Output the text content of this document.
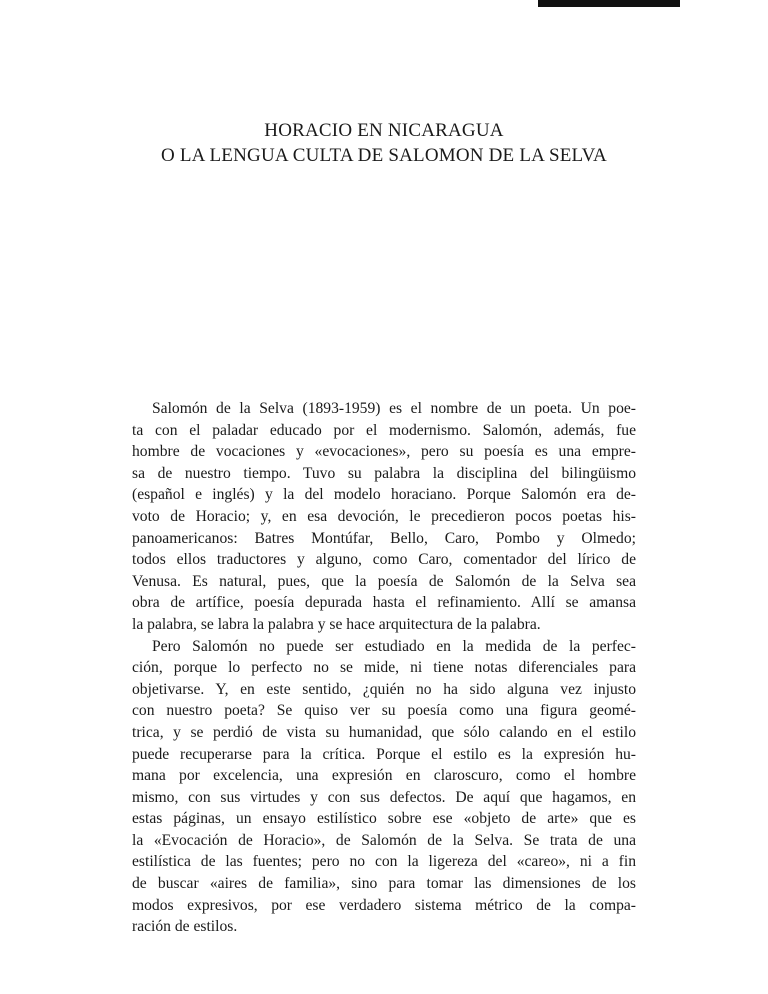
HORACIO EN NICARAGUA
O LA LENGUA CULTA DE SALOMON DE LA SELVA
Salomón de la Selva (1893-1959) es el nombre de un poeta. Un poe-
ta con el paladar educado por el modernismo. Salomón, además, fue
hombre de vocaciones y «evocaciones», pero su poesía es una empre-
sa de nuestro tiempo. Tuvo su palabra la disciplina del bilingüismo
(español e inglés) y la del modelo horaciano. Porque Salomón era de-
voto de Horacio; y, en esa devoción, le precedieron pocos poetas his-
panoamericanos: Batres Montúfar, Bello, Caro, Pombo y Olmedo;
todos ellos traductores y alguno, como Caro, comentador del lírico de
Venusa. Es natural, pues, que la poesía de Salomón de la Selva sea
obra de artífice, poesía depurada hasta el refinamiento. Allí se amansa
la palabra, se labra la palabra y se hace arquitectura de la palabra.
Pero Salomón no puede ser estudiado en la medida de la perfec-
ción, porque lo perfecto no se mide, ni tiene notas diferenciales para
objetivarse. Y, en este sentido, ¿quién no ha sido alguna vez injusto
con nuestro poeta? Se quiso ver su poesía como una figura geomé-
trica, y se perdió de vista su humanidad, que sólo calando en el estilo
puede recuperarse para la crítica. Porque el estilo es la expresión hu-
mana por excelencia, una expresión en claroscuro, como el hombre
mismo, con sus virtudes y con sus defectos. De aquí que hagamos, en
estas páginas, un ensayo estilístico sobre ese «objeto de arte» que es
la «Evocación de Horacio», de Salomón de la Selva. Se trata de una
estilística de las fuentes; pero no con la ligereza del «careo», ni a fin
de buscar «aires de familia», sino para tomar las dimensiones de los
modos expresivos, por ese verdadero sistema métrico de la compa-
ración de estilos.
